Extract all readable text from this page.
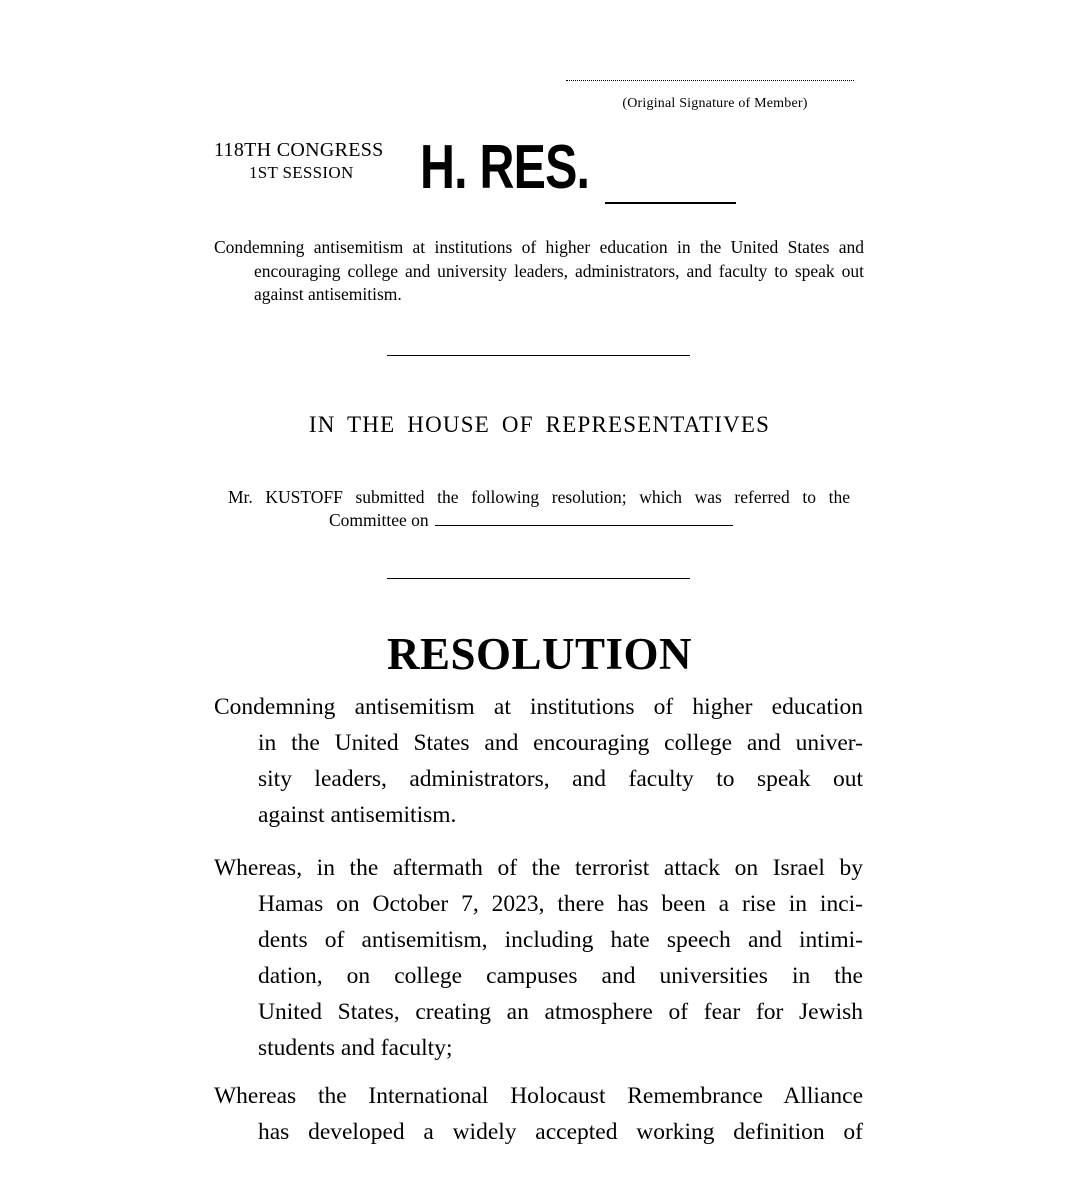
(Original Signature of Member)
118TH CONGRESS
1ST SESSION H. RES.
Condemning antisemitism at institutions of higher education in the United States and encouraging college and university leaders, administrators, and faculty to speak out against antisemitism.
IN THE HOUSE OF REPRESENTATIVES
Mr. KUSTOFF submitted the following resolution; which was referred to the
Committee on
RESOLUTION
Condemning antisemitism at institutions of higher education
in the United States and encouraging college and univer-
sity leaders, administrators, and faculty to speak out
against antisemitism.
Whereas, in the aftermath of the terrorist attack on Israel by
Hamas on October 7, 2023, there has been a rise in inci-
dents of antisemitism, including hate speech and intimi-
dation, on college campuses and universities in the
United States, creating an atmosphere of fear for Jewish
students and faculty;
Whereas the International Holocaust Remembrance Alliance
has developed a widely accepted working definition of
